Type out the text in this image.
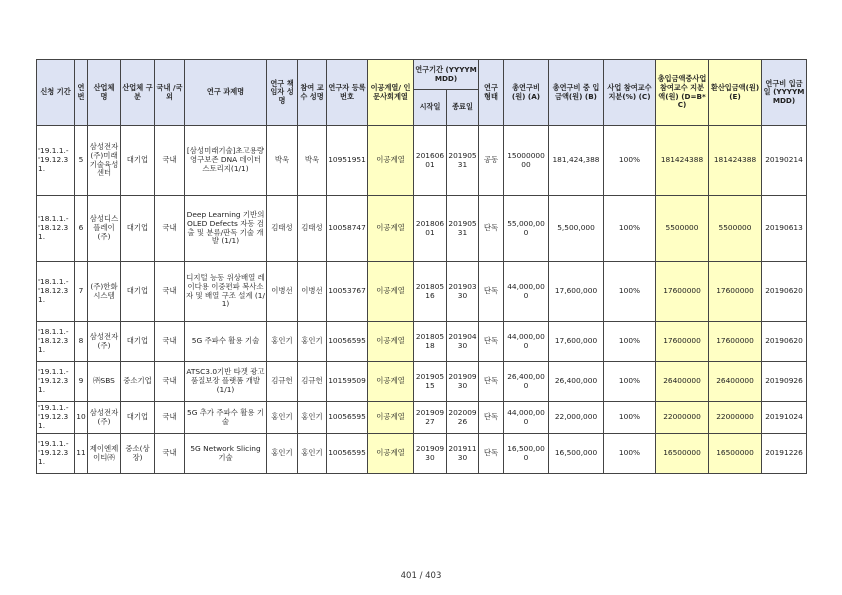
신청 기간	연번	산업체 명	산업체 구분	국내 /국외	연구 과제명	연구 책임자 성명	참여 교수 성명	연구자 등록번호	이공계열/ 인문사회계열	연구기간 (YYYYMMDD)		연구 형태	총연구비 (원) (A)	총연구비 중 입금액(원) (B)	사업 참여교수 지분(%) (C)	총입금액중사업참여교수 지분액(원) (D=B*C)	환산입금액(원) (E)	연구비 입금일 (YYYYMMDD)
										시작일	종료일							
'19.1.1.-'19.12.31.	5	삼성전자(주)미래기술육성센터	대기업	국내	[삼성미래기술]초고용량 영구보존 DNA 데이터 스토리지(1/1)	박욱	박욱	10951951	이공계열	20160601	20190531	공동	1500000000	181,424,388	100%	181424388	181424388	20190214
'18.1.1.-'18.12.31.	6	삼성디스플레이(주)	대기업	국내	Deep Learning 기반의 OLED Defects 자동 검출 및 분류/판독 기술 개발 (1/1)	김태성	김태성	10058747	이공계열	20180601	20190531	단독	55,000,000	5,500,000	100%	5500000	5500000	20190613
'18.1.1.-'18.12.31.	7	(주)한화시스템	대기업	국내	디지털 능동 위상배열 레이다용 이중편파 복사소자 및 배열 구조 설계 (1/1)	이병선	이병선	10053767	이공계열	20180516	20190330	단독	44,000,000	17,600,000	100%	17600000	17600000	20190620
'18.1.1.-'18.12.31.	8	삼성전자(주)	대기업	국내	5G 주파수 활용 기술	홍인기	홍인기	10056595	이공계열	20180518	20190430	단독	44,000,000	17,600,000	100%	17600000	17600000	20190620
'19.1.1.-'19.12.31.	9	㈜SBS	중소기업	국내	ATSC3.0기반 타겟 광고 품질보장 플랫폼 개발 (1/1)	김규헌	김규헌	10159509	이공계열	20190515	20190930	단독	26,400,000	26,400,000	100%	26400000	26400000	20190926
'19.1.1.-'19.12.31.	10	삼성전자(주)	대기업	국내	5G 추가 주파수 활용 기술	홍인기	홍인기	10056595	이공계열	20190927	20200926	단독	44,000,000	22,000,000	100%	22000000	22000000	20191024
'19.1.1.-'19.12.31.	11	제이엔제이티㈜	중소(상장)	국내	5G Network Slicing 기술	홍인기	홍인기	10056595	이공계열	20190930	20191130	단독	16,500,000	16,500,000	100%	16500000	16500000	20191226
401 / 403
